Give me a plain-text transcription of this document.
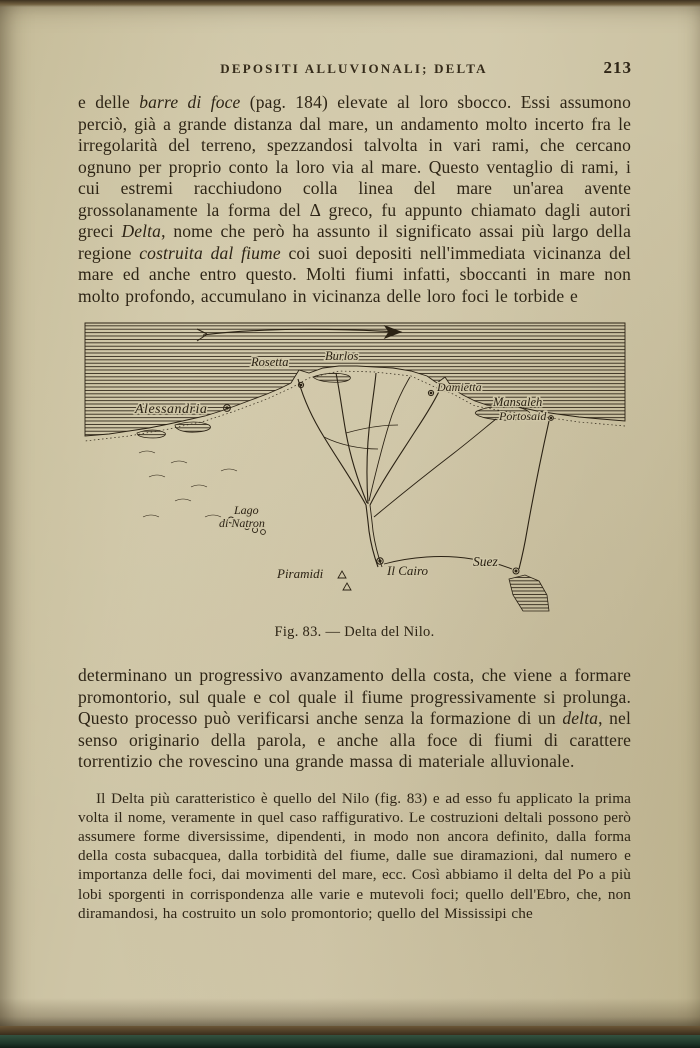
DEPOSITI ALLUVIONALI; DELTA	213

e delle barre di foce (pag. 184) elevate al loro sbocco. Essi assumono perciò, già a grande distanza dal mare, un andamento molto incerto fra le irregolarità del terreno, spezzandosi talvolta in vari rami, che cercano ognuno per proprio conto la loro via al mare. Questo ventaglio di rami, i cui estremi racchiudono colla linea del mare un'area avente grossolanamente la forma del Δ greco, fu appunto chiamato dagli autori greci Delta, nome che però ha assunto il significato assai più largo della regione costruita dal fiume coi suoi depositi nell'immediata vicinanza del mare ed anche entro questo. Molti fiumi infatti, sboccanti in mare non molto profondo, accumulano in vicinanza delle loro foci le torbide e

Alessandria
Rosetta	Burlos
Damietta
Mansaleh
Portosaid
Lago
di Natron
Piramidi	Il Cairo
Suez
Fig. 83. — Delta del Nilo.

determinano un progressivo avanzamento della costa, che viene a formare promontorio, sul quale e col quale il fiume progressivamente si prolunga. Questo processo può verificarsi anche senza la formazione di un delta, nel senso originario della parola, e anche alla foce di fiumi di carattere torrentizio che rovescino una grande massa di materiale alluvionale.

Il Delta più caratteristico è quello del Nilo (fig. 83) e ad esso fu applicato la prima volta il nome, veramente in quel caso raffigurativo. Le costruzioni deltali possono però assumere forme diversissime, dipendenti, in modo non ancora definito, dalla forma della costa subacquea, dalla torbidità del fiume, dalle sue diramazioni, dal numero e importanza delle foci, dai movimenti del mare, ecc. Così abbiamo il delta del Po a più lobi sporgenti in corrispondenza alle varie e mutevoli foci; quello dell'Ebro, che, non diramandosi, ha costruito un solo promontorio; quello del Mississipi che
